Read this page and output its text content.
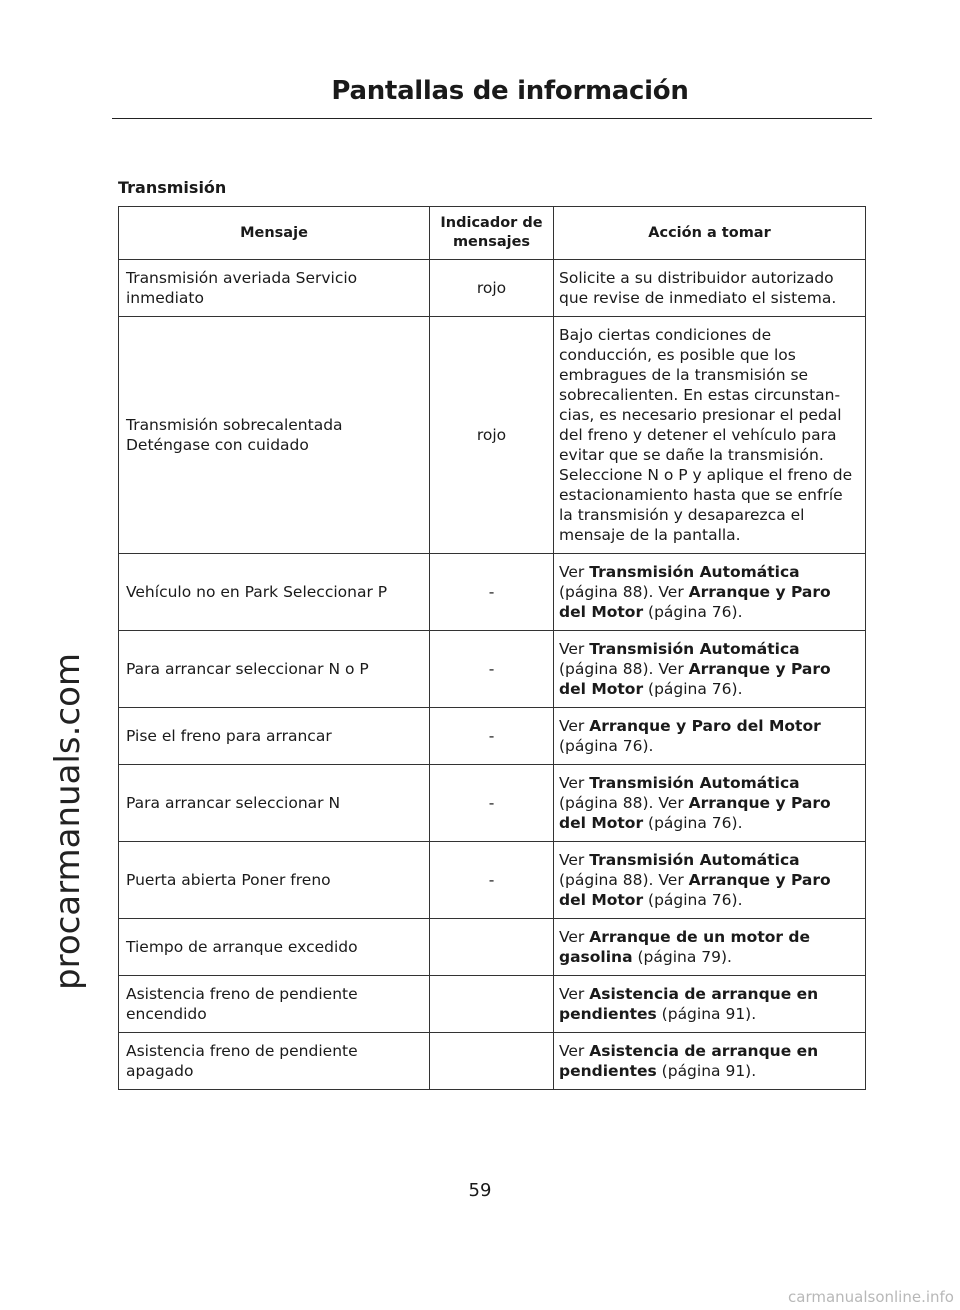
Pantallas de información
Transmisión
procarmanuals.com
Mensaje	Indicador de mensajes	Acción a tomar
Transmisión averiada Servicio inmediato	rojo	Solicite a su distribuidor autorizado que revise de inmediato el sistema.
Transmisión sobrecalentada Deténgase con cuidado	rojo	Bajo ciertas condiciones de conducción, es posible que los embragues de la transmisión se sobrecalienten. En estas circunstan-cias, es necesario presionar el pedal del freno y detener el vehículo para evitar que se dañe la transmisión. Seleccione N o P y aplique el freno de estacionamiento hasta que se enfríe la transmisión y desaparezca el mensaje de la pantalla.
Vehículo no en Park Seleccionar P	-	Ver Transmisión Automática (página 88). Ver Arranque y Paro del Motor (página 76).
Para arrancar seleccionar N o P	-	Ver Transmisión Automática (página 88). Ver Arranque y Paro del Motor (página 76).
Pise el freno para arrancar	-	Ver Arranque y Paro del Motor (página 76).
Para arrancar seleccionar N	-	Ver Transmisión Automática (página 88). Ver Arranque y Paro del Motor (página 76).
Puerta abierta Poner freno	-	Ver Transmisión Automática (página 88). Ver Arranque y Paro del Motor (página 76).
Tiempo de arranque excedido		Ver Arranque de un motor de gasolina (página 79).
Asistencia freno de pendiente encendido		Ver Asistencia de arranque en pendientes (página 91).
Asistencia freno de pendiente apagado		Ver Asistencia de arranque en pendientes (página 91).
59
carmanualsonline.info
